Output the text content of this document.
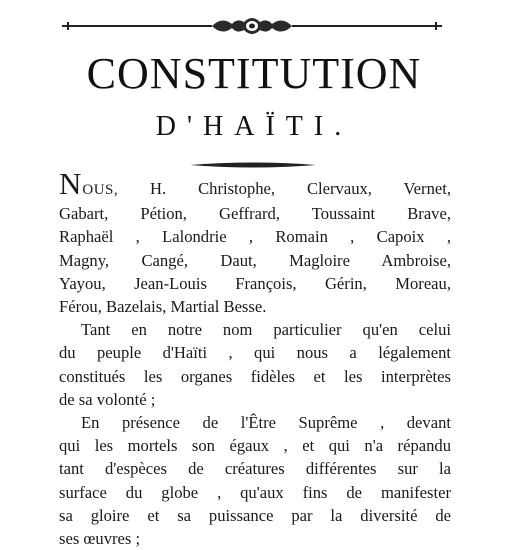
CONSTITUTION
D'HAÏTI.
NOUS, H. Christophe, Clervaux, Vernet,
Gabart, Pétion, Geffrard, Toussaint Brave,
Raphaël , Lalondrie , Romain , Capoix ,
Magny, Cangé, Daut, Magloire Ambroise,
Yayou, Jean-Louis François, Gérin, Moreau,
Férou, Bazelais, Martial Besse.
Tant en notre nom particulier qu'en celui
du peuple d'Haïti , qui nous a légalement
constitués les organes fidèles et les interprètes
de sa volonté ;
En présence de l'Être Suprême , devant
qui les mortels son égaux , et qui n'a répandu
tant d'espèces de créatures différentes sur la
surface du globe , qu'aux fins de manifester
sa gloire et sa puissance par la diversité de
ses œuvres ;
